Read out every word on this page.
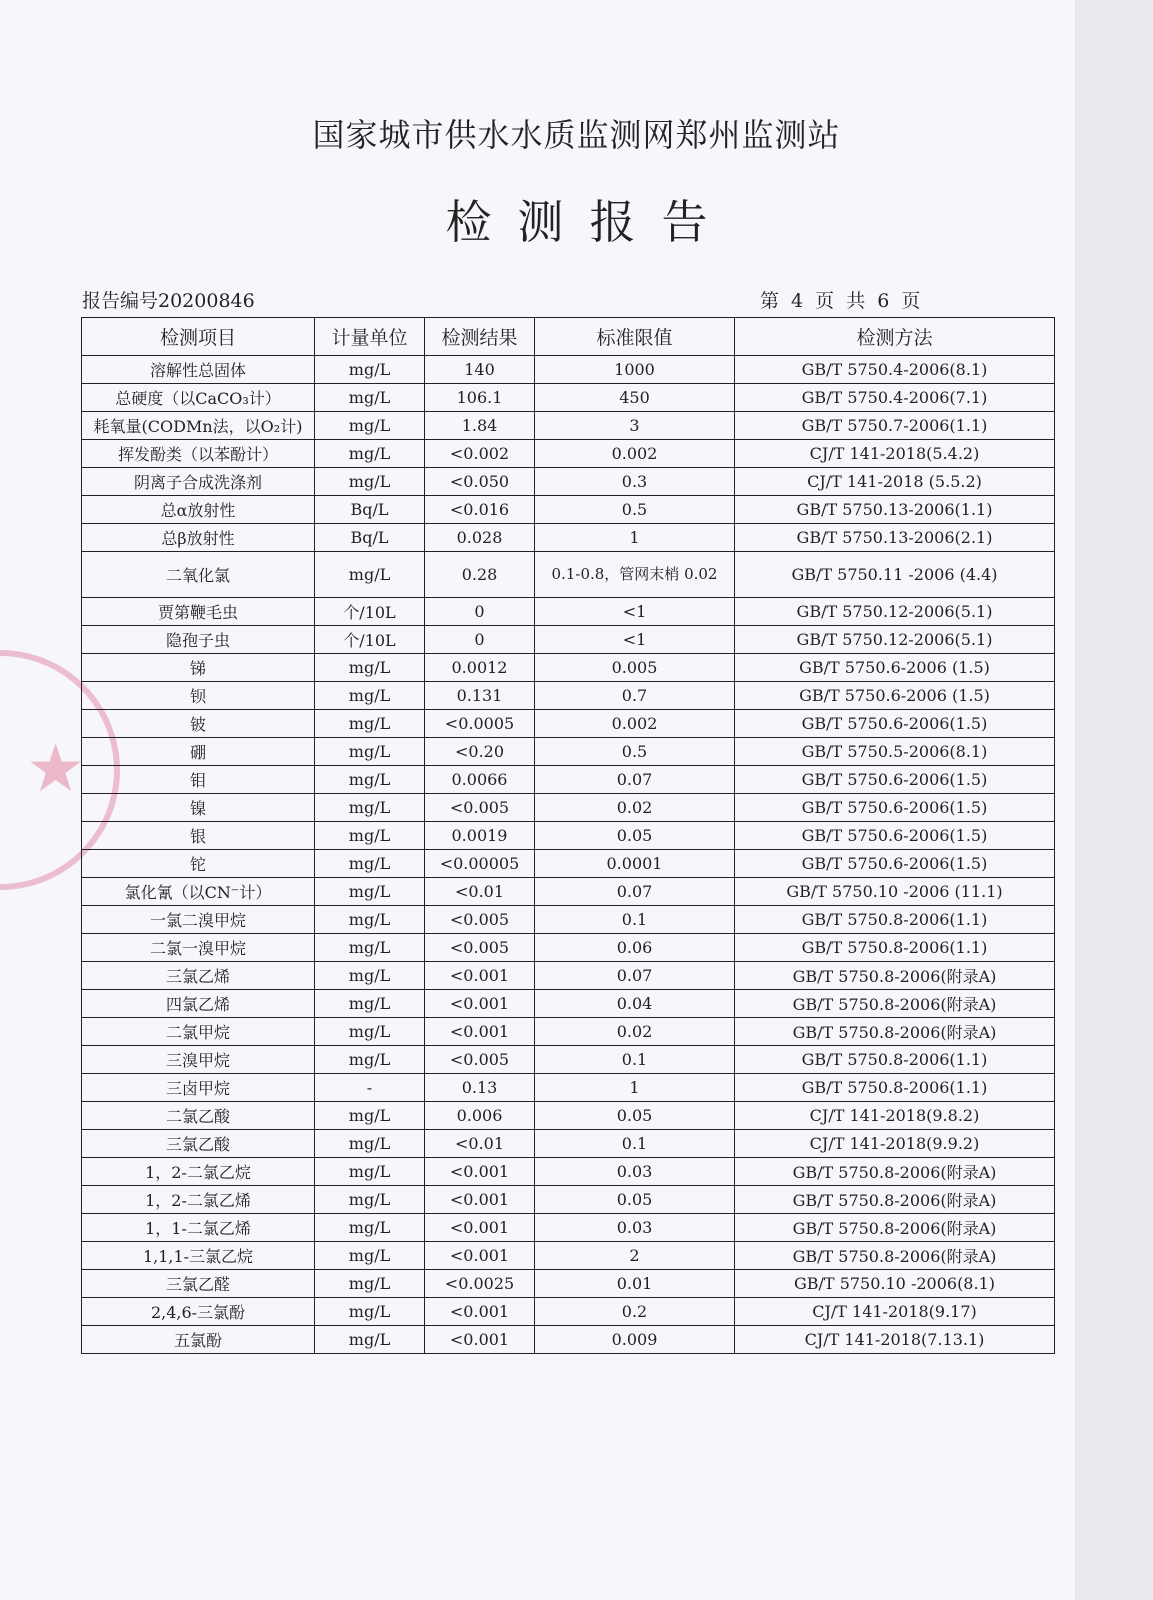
★
国家城市供水水质监测网郑州监测站
检测报告
报告编号20200846	第 4 页 共 6 页
检测项目	计量单位	检测结果	标准限值	检测方法
溶解性总固体	mg/L	140	1000	GB/T 5750.4-2006(8.1)
总硬度（以CaCO₃计）	mg/L	106.1	450	GB/T 5750.4-2006(7.1)
耗氧量(CODMn法，以O₂计)	mg/L	1.84	3	GB/T 5750.7-2006(1.1)
挥发酚类（以苯酚计）	mg/L	<0.002	0.002	CJ/T 141-2018(5.4.2)
阴离子合成洗涤剂	mg/L	<0.050	0.3	CJ/T 141-2018 (5.5.2)
总α放射性	Bq/L	<0.016	0.5	GB/T 5750.13-2006(1.1)
总β放射性	Bq/L	0.028	1	GB/T 5750.13-2006(2.1)
二氧化氯	mg/L	0.28	0.1-0.8，管网末梢 0.02	GB/T 5750.11 -2006 (4.4)
贾第鞭毛虫	个/10L	0	<1	GB/T 5750.12-2006(5.1)
隐孢子虫	个/10L	0	<1	GB/T 5750.12-2006(5.1)
锑	mg/L	0.0012	0.005	GB/T 5750.6-2006 (1.5)
钡	mg/L	0.131	0.7	GB/T 5750.6-2006 (1.5)
铍	mg/L	<0.0005	0.002	GB/T 5750.6-2006(1.5)
硼	mg/L	<0.20	0.5	GB/T 5750.5-2006(8.1)
钼	mg/L	0.0066	0.07	GB/T 5750.6-2006(1.5)
镍	mg/L	<0.005	0.02	GB/T 5750.6-2006(1.5)
银	mg/L	0.0019	0.05	GB/T 5750.6-2006(1.5)
铊	mg/L	<0.00005	0.0001	GB/T 5750.6-2006(1.5)
氯化氰（以CN⁻计）	mg/L	<0.01	0.07	GB/T 5750.10 -2006 (11.1)
一氯二溴甲烷	mg/L	<0.005	0.1	GB/T 5750.8-2006(1.1)
二氯一溴甲烷	mg/L	<0.005	0.06	GB/T 5750.8-2006(1.1)
三氯乙烯	mg/L	<0.001	0.07	GB/T 5750.8-2006(附录A)
四氯乙烯	mg/L	<0.001	0.04	GB/T 5750.8-2006(附录A)
二氯甲烷	mg/L	<0.001	0.02	GB/T 5750.8-2006(附录A)
三溴甲烷	mg/L	<0.005	0.1	GB/T 5750.8-2006(1.1)
三卤甲烷	-	0.13	1	GB/T 5750.8-2006(1.1)
二氯乙酸	mg/L	0.006	0.05	CJ/T 141-2018(9.8.2)
三氯乙酸	mg/L	<0.01	0.1	CJ/T 141-2018(9.9.2)
1，2-二氯乙烷	mg/L	<0.001	0.03	GB/T 5750.8-2006(附录A)
1，2-二氯乙烯	mg/L	<0.001	0.05	GB/T 5750.8-2006(附录A)
1，1-二氯乙烯	mg/L	<0.001	0.03	GB/T 5750.8-2006(附录A)
1,1,1-三氯乙烷	mg/L	<0.001	2	GB/T 5750.8-2006(附录A)
三氯乙醛	mg/L	<0.0025	0.01	GB/T 5750.10 -2006(8.1)
2,4,6-三氯酚	mg/L	<0.001	0.2	CJ/T 141-2018(9.17)
五氯酚	mg/L	<0.001	0.009	CJ/T 141-2018(7.13.1)
